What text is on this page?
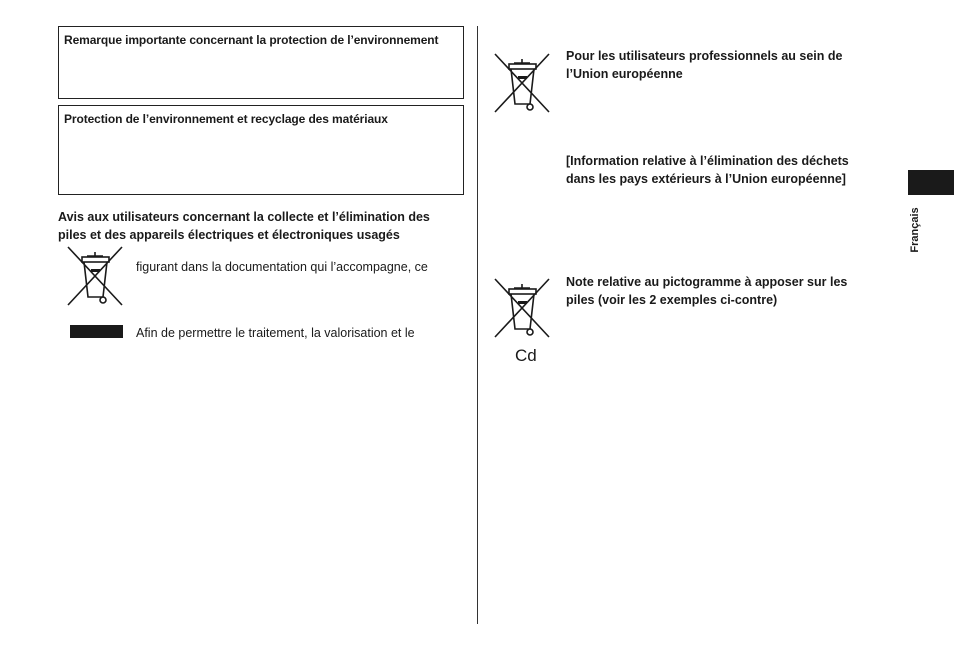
Remarque importante concernant la protection de l’environnement
Protection de l’environnement et recyclage des matériaux
Avis aux utilisateurs concernant la collecte et l’élimination des
piles et des appareils électriques et électroniques usagés
figurant dans la documentation qui l’accompagne, ce
Afin de permettre le traitement, la valorisation et le
Pour les utilisateurs professionnels au sein de
l’Union européenne
[Information relative à l’élimination des déchets
dans les pays extérieurs à l’Union européenne]
Cd
Note relative au pictogramme à apposer sur les
piles (voir les 2 exemples ci-contre)
Français
